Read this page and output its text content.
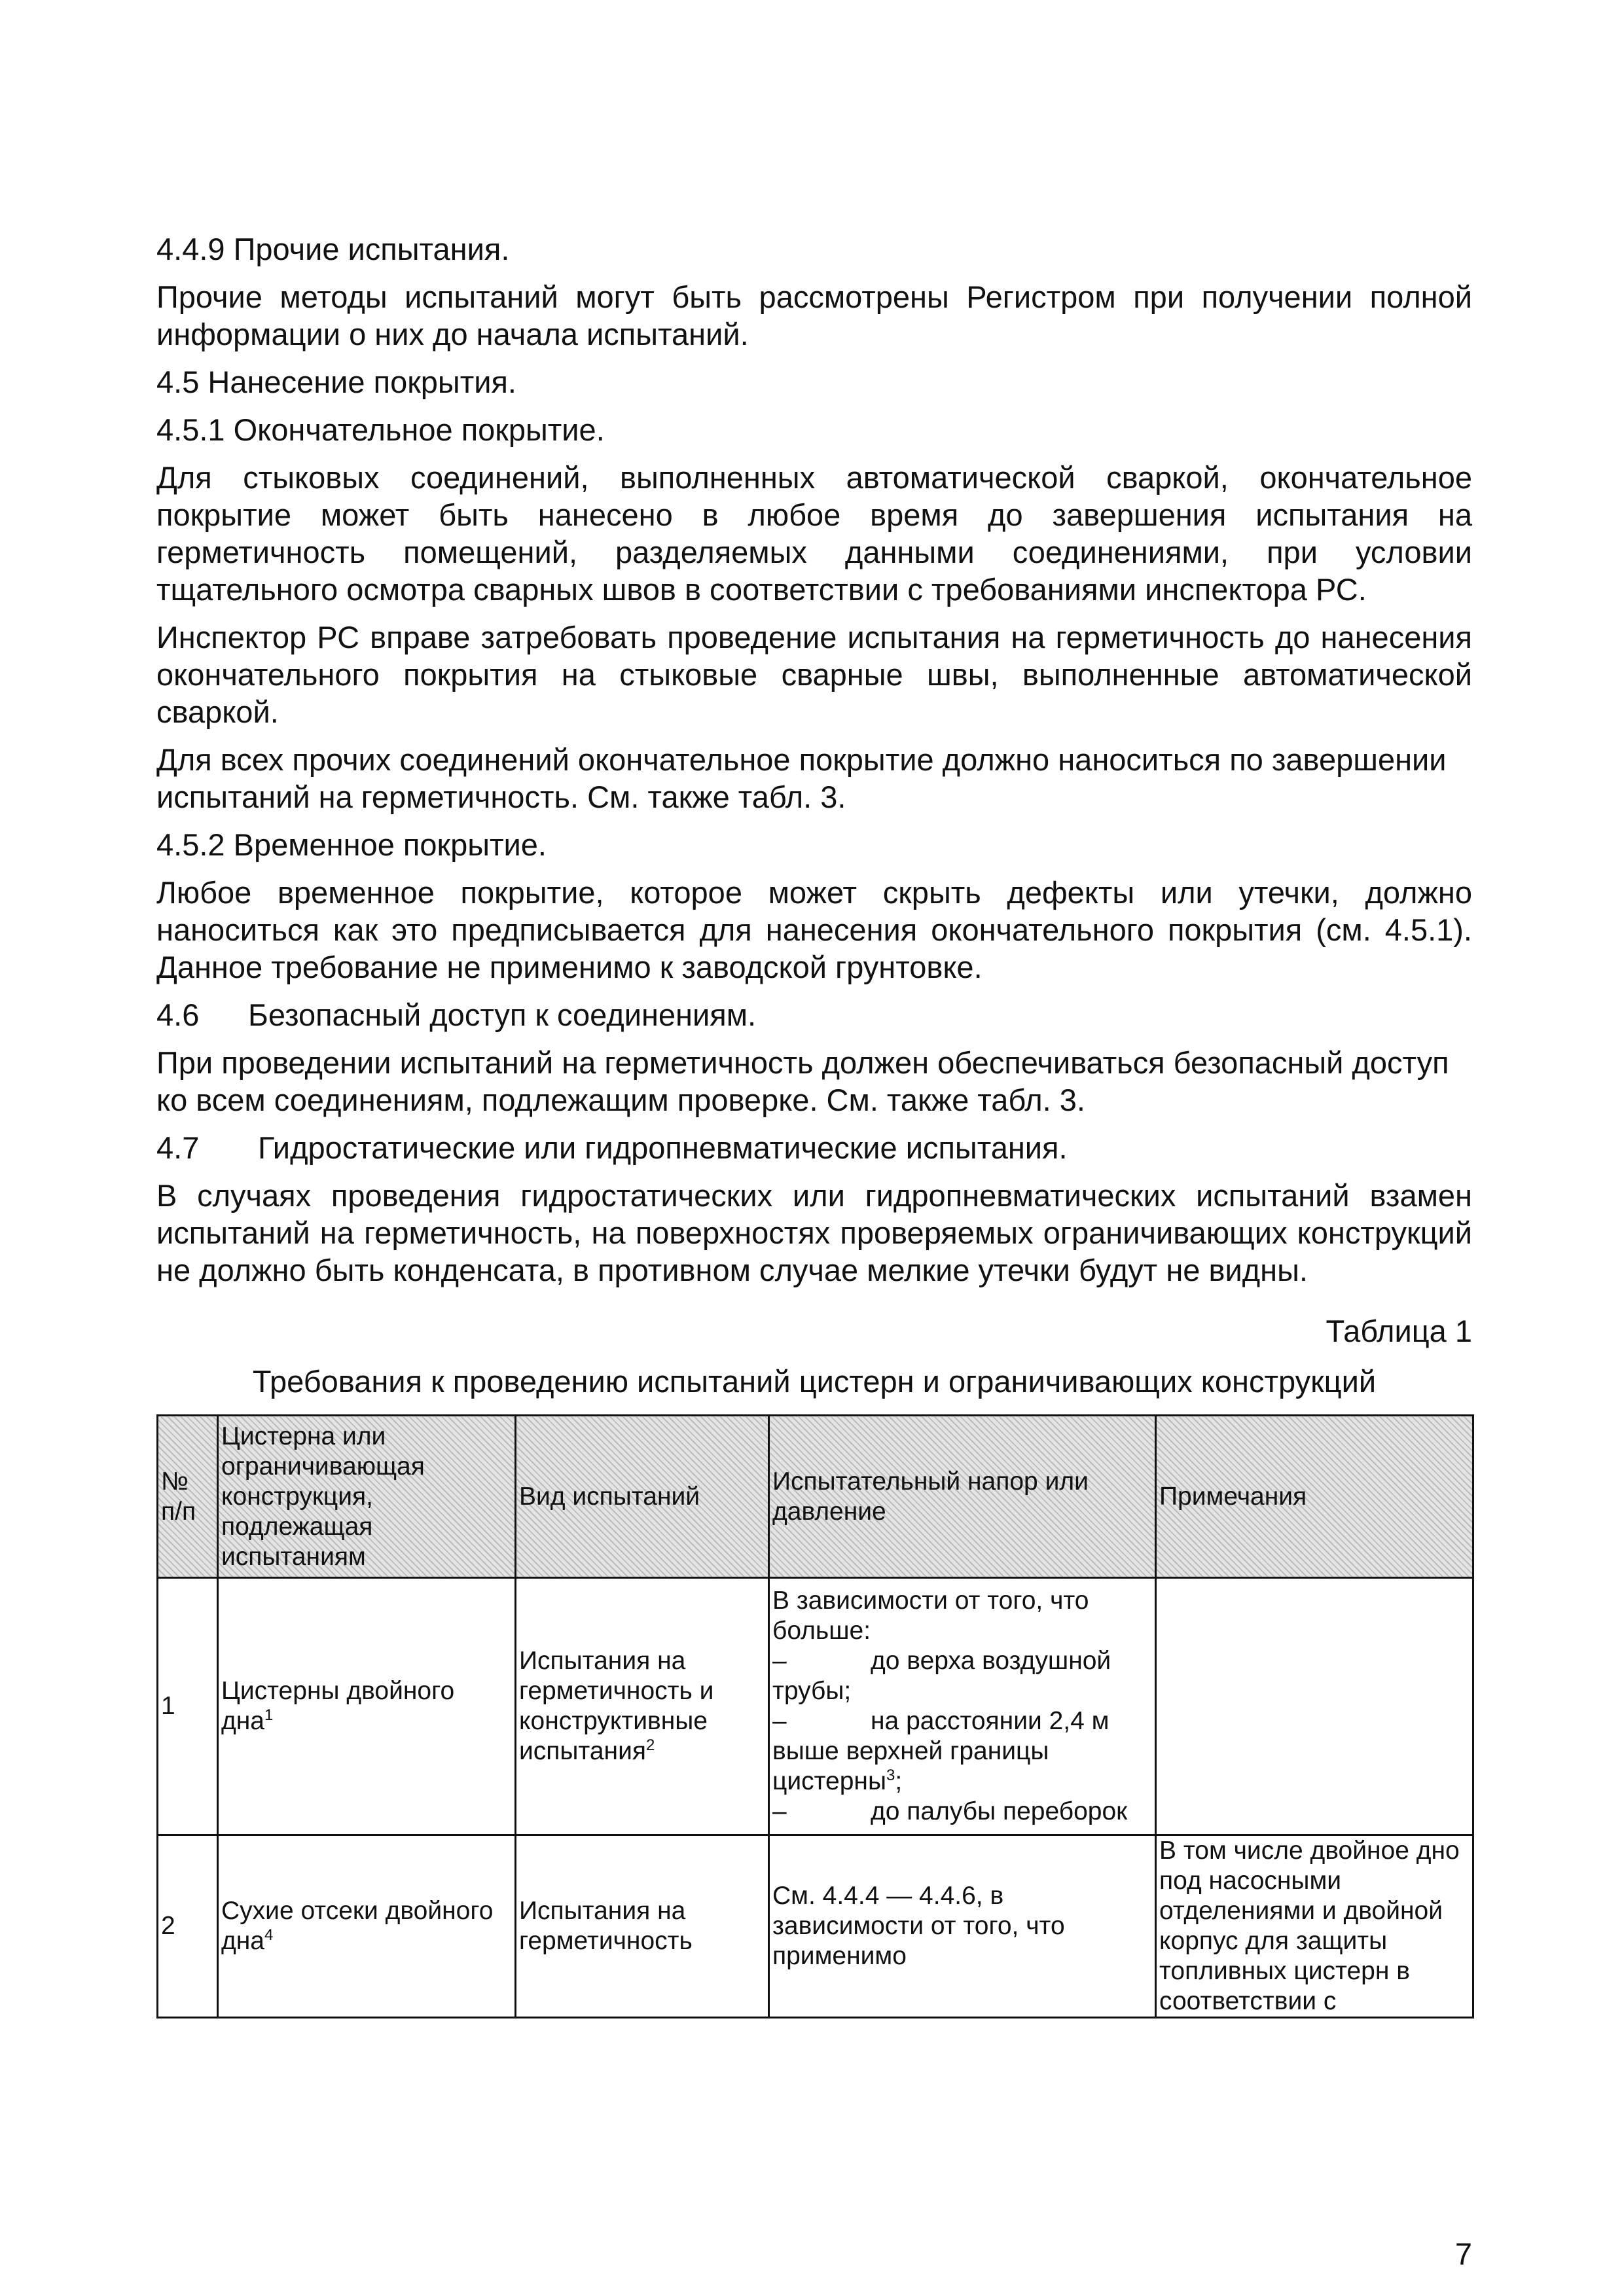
4.4.9 Прочие испытания.

Прочие методы испытаний могут быть рассмотрены Регистром при получении полной информации о них до начала испытаний.

4.5 Нанесение покрытия.

4.5.1 Окончательное покрытие.

Для стыковых соединений, выполненных автоматической сваркой, окончательное покрытие может быть нанесено в любое время до завершения испытания на герметичность помещений, разделяемых данными соединениями, при условии тщательного осмотра сварных швов в соответствии с требованиями инспектора РС.

Инспектор РС вправе затребовать проведение испытания на герметичность до нанесения окончательного покрытия на стыковые сварные швы, выполненные автоматической сваркой.

Для всех прочих соединений окончательное покрытие должно наноситься по завершении испытаний на герметичность. См. также табл. 3.

4.5.2 Временное покрытие.

Любое временное покрытие, которое может скрыть дефекты или утечки, должно наноситься как это предписывается для нанесения окончательного покрытия (см. 4.5.1). Данное требование не применимо к заводской грунтовке.

4.6 Безопасный доступ к соединениям.

При проведении испытаний на герметичность должен обеспечиваться безопасный доступ ко всем соединениям, подлежащим проверке. См. также табл. 3.

4.7 Гидростатические или гидропневматические испытания.

В случаях проведения гидростатических или гидропневматических испытаний взамен испытаний на герметичность, на поверхностях проверяемых ограничивающих конструкций не должно быть конденсата, в противном случае мелкие утечки будут не видны.

Таблица 1

Требования к проведению испытаний цистерн и ограничивающих конструкций

№ п/п	Цистерна или ограничивающая конструкция, подлежащая испытаниям	Вид испытаний	Испытательный напор или давление	Примечания
1	Цистерны двойного дна$^1$	Испытания на герметичность и конструктивные испытания$^2$	В зависимости от того, что больше:
– до верха воздушной трубы;
– на расстоянии 2,4 м выше верхней границы цистерны$^3$;
– до палубы переборок	

2	Сухие отсеки двойного дна$^4$	Испытания на герметичность	См. 4.4.4 — 4.4.6, в зависимости от того, что применимо	В том числе двойное дно под насосными отделениями и двойной корпус для защиты топливных цистерн в соответствии с
7
